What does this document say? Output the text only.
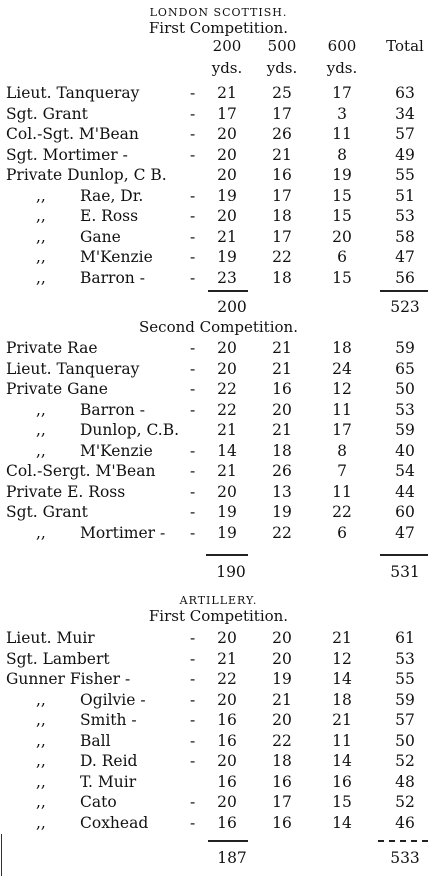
LONDON SCOTTISH.
First Competition.
200 500 600	Total
yds. yds. yds.
Lieut. Tanqueray	-	21	25	17	63
Sgt. Grant	-	17	17	3	34
Col.-Sgt. M'Bean	-	20	26	11	57
Sgt. Mortimer -	-	20	21	8	49
Private Dunlop, C B.	20	16	19	55
,, Rae, Dr.	-	19	17	15	51
,, E. Ross	-	20	18	15	53
,, Gane	-	21	17	20	58
,, M'Kenzie -	19	22	6	47
,, Barron -	-	23	18	15	56
200	523
Second Competition.
Private Rae	-	20	21	18	59
Lieut. Tanqueray	-	20	21	24	65
Private Gane	-	22	16	12	50
,, Barron -	-	22	20	11	53
,, Dunlop, C.B.	21	21	17	59
,, M'Kenzie -	14	18	8	40
Col.-Sergt. M'Bean -	21	26	7	54
Private E. Ross	-	20	13	11	44
Sgt. Grant	-	19	19	22	60
,, Mortimer - -	19	22	6	47
190	531
ARTILLERY.
First Competition.
Lieut. Muir	-	20	20	21	61
Sgt. Lambert	-	21	20	12	53
Gunner Fisher -	-	22	19	14	55
,, Ogilvie -	-	20	21	18	59
,, Smith -	-	16	20	21	57
,, Ball	-	16	22	11	50
,, D. Reid	-	20	18	14	52
,, T. Muir	16	16	16	48
,, Cato	-	20	17	15	52
,, Coxhead	-	16	16	14	46
187	533
